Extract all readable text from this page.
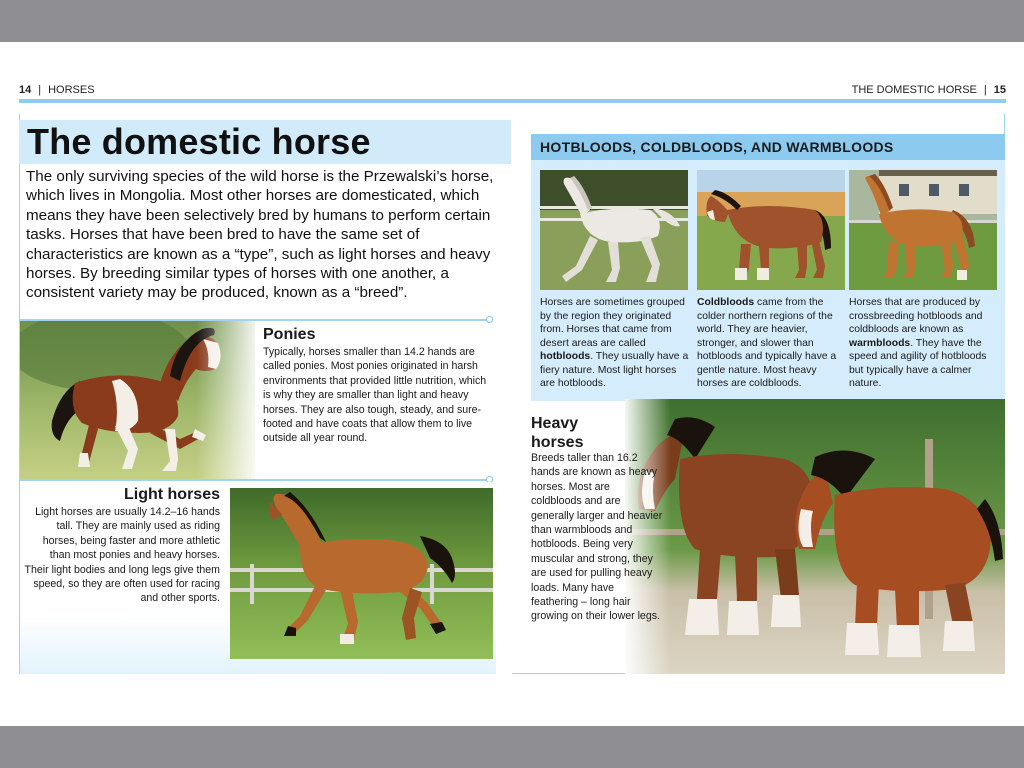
14 | HORSES	THE DOMESTIC HORSE | 15
The domestic horse

The only surviving species of the wild horse is the Przewalski’s horse, which lives in Mongolia. Most other horses are domesticated, which means they have been selectively bred by humans to perform certain tasks. Horses that have been bred to have the same set of characteristics are known as a “type”, such as light horses and heavy horses. By breeding similar types of horses with one another, a consistent variety may be produced, known as a “breed”.

Ponies

Typically, horses smaller than 14.2 hands are called ponies. Most ponies originated in harsh environments that provided little nutrition, which is why they are smaller than light and heavy horses. They are also tough, steady, and sure-footed and have coats that allow them to live outside all year round.

Light horses

Light horses are usually 14.2–16 hands tall. They are mainly used as riding horses, being faster and more athletic than most ponies and heavy horses. Their light bodies and long legs give them speed, so they are often used for racing and other sports.

HOTBLOODS, COLDBLOODS, AND WARMBLOODS

Horses are sometimes grouped by the region they originated from. Horses that came from desert areas are called hotbloods. They usually have a fiery nature. Most light horses are hotbloods.

Coldbloods came from the colder northern regions of the world. They are heavier, stronger, and slower than hotbloods and typically have a gentle nature. Most heavy horses are coldbloods.

Horses that are produced by crossbreeding hotbloods and coldbloods are known as warmbloods. They have the speed and agility of hotbloods but typically have a calmer nature.

Heavy
horses

Breeds taller than 16.2 hands are known as heavy horses. Most are coldbloods and are generally larger and heavier than warmbloods and hotbloods. Being very muscular and strong, they are used for pulling heavy loads. Many have feathering – long hair growing on their lower legs.
